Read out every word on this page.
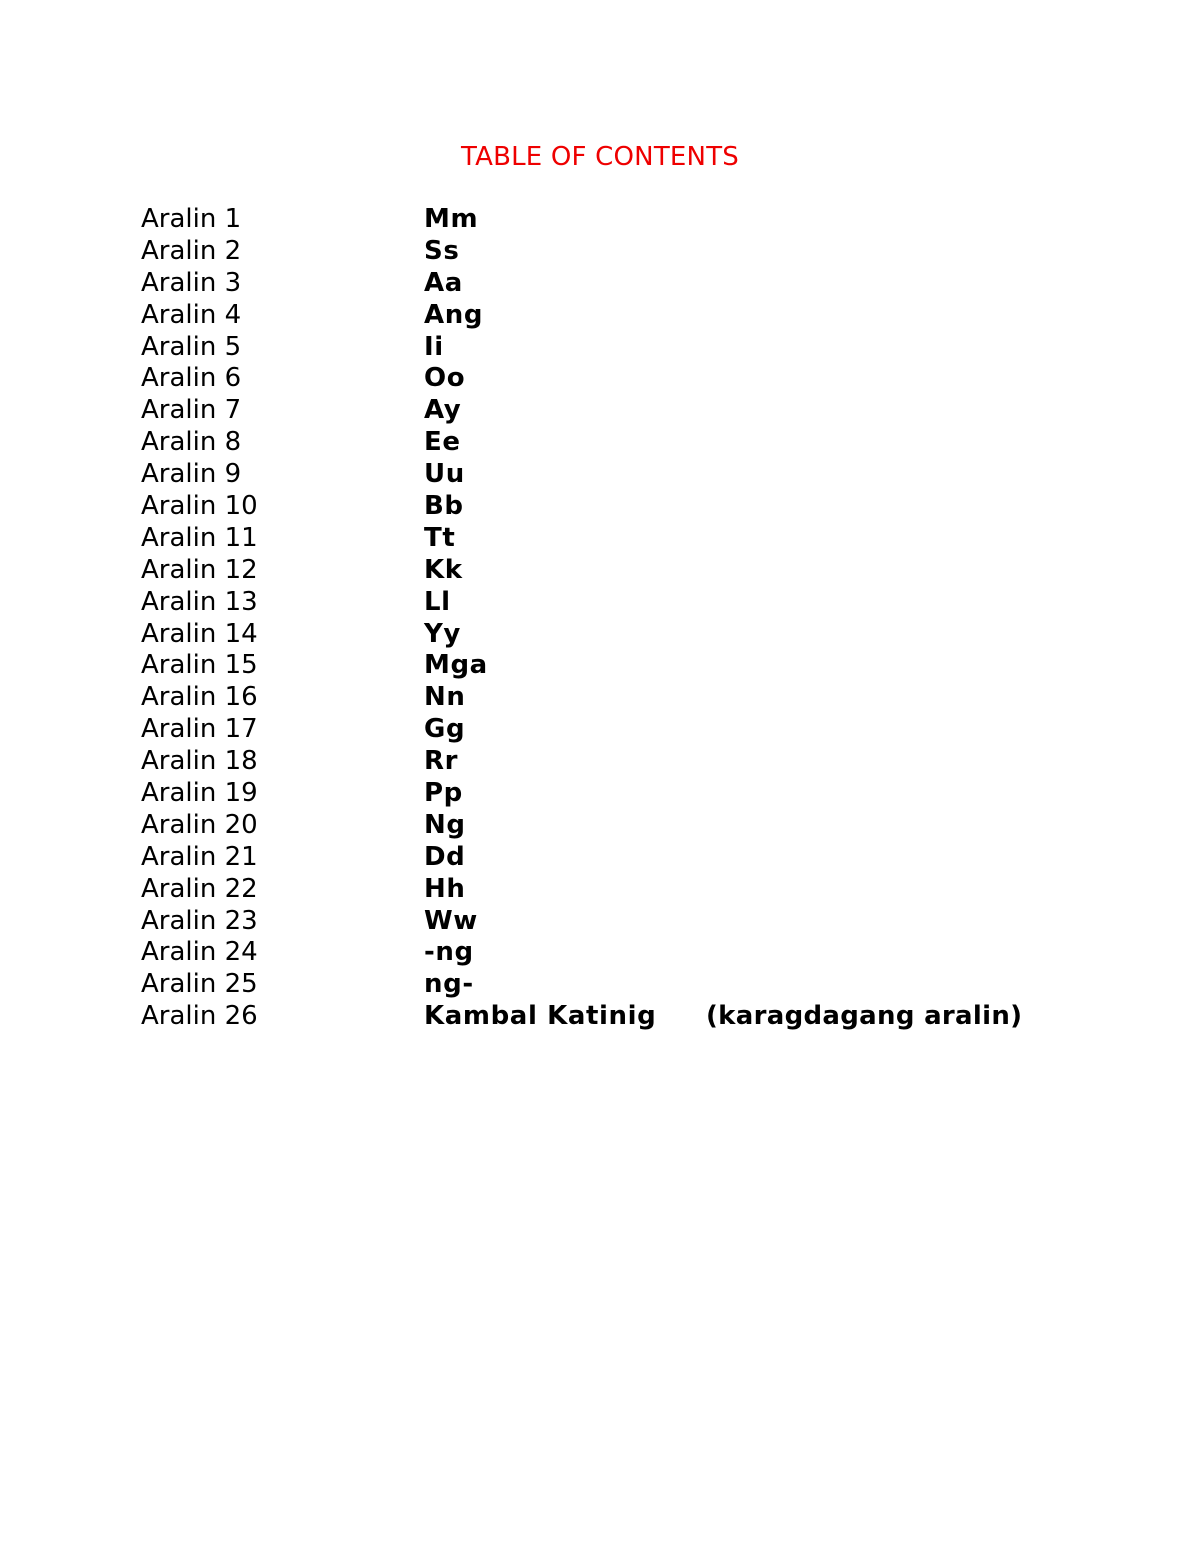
TABLE OF CONTENTS
Aralin 1	Mm
Aralin 2	Ss
Aralin 3	Aa
Aralin 4	Ang
Aralin 5	Ii
Aralin 6	Oo
Aralin 7	Ay
Aralin 8	Ee
Aralin 9	Uu
Aralin 10	Bb
Aralin 11	Tt
Aralin 12	Kk
Aralin 13	Ll
Aralin 14	Yy
Aralin 15	Mga
Aralin 16	Nn
Aralin 17	Gg
Aralin 18	Rr
Aralin 19	Pp
Aralin 20	Ng
Aralin 21	Dd
Aralin 22	Hh
Aralin 23	Ww
Aralin 24	-ng
Aralin 25	ng-
Aralin 26	Kambal Katinig (karagdagang aralin)
